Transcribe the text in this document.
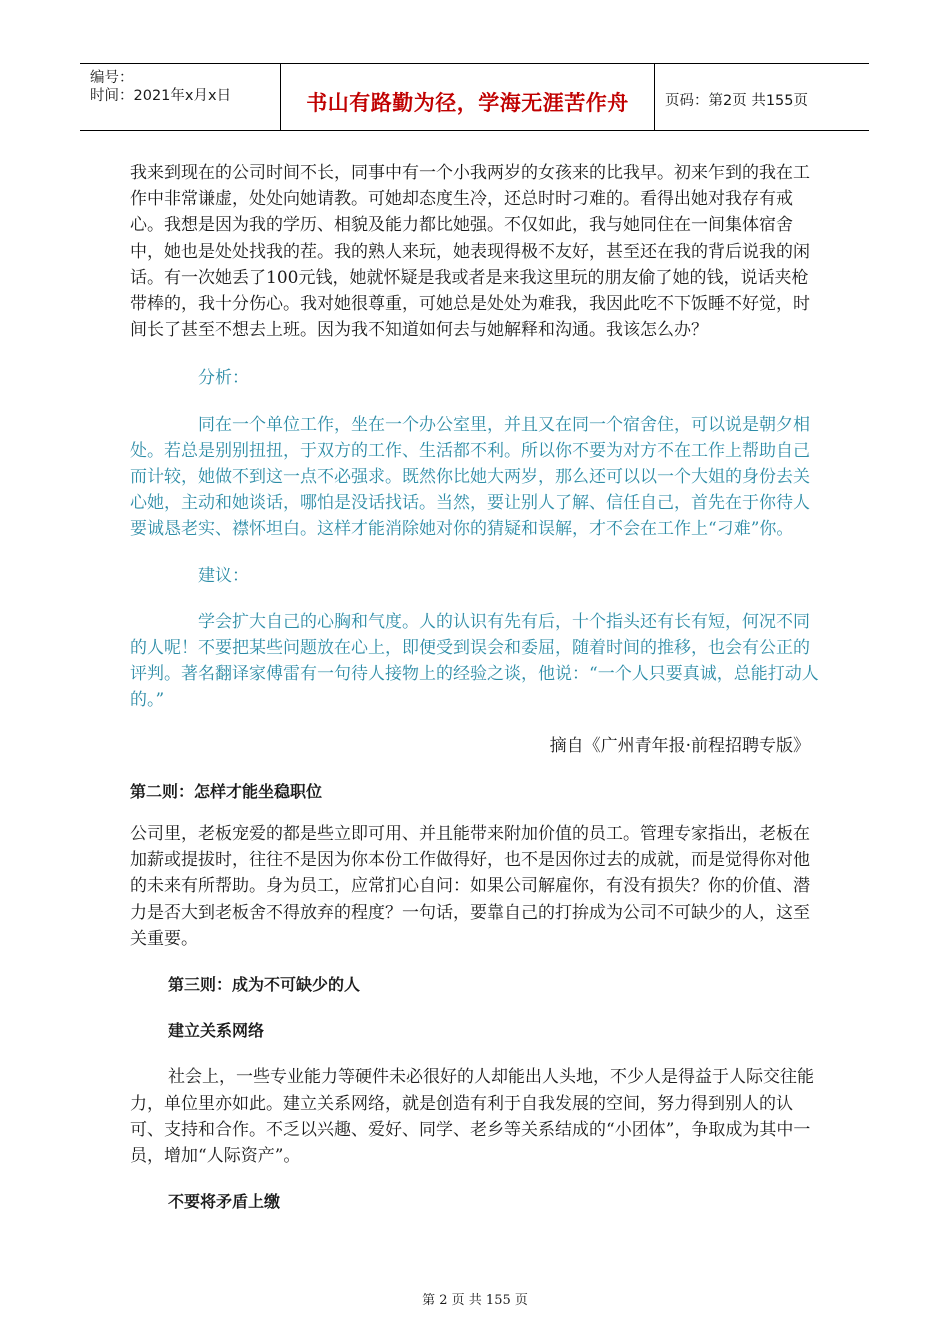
编号：
时间：2021年x月x日	书山有路勤为径，学海无涯苦作舟	页码：第2页 共155页

我来到现在的公司时间不长，同事中有一个小我两岁的女孩来的比我早。初来乍到的我在工作中非常谦虚，处处向她请教。可她却态度生冷，还总时时刁难的。看得出她对我存有戒心。我想是因为我的学历、相貌及能力都比她强。不仅如此，我与她同住在一间集体宿舍中，她也是处处找我的茬。我的熟人来玩，她表现得极不友好，甚至还在我的背后说我的闲话。有一次她丢了100元钱，她就怀疑是我或者是来我这里玩的朋友偷了她的钱，说话夹枪带棒的，我十分伤心。我对她很尊重，可她总是处处为难我，我因此吃不下饭睡不好觉，时间长了甚至不想去上班。因为我不知道如何去与她解释和沟通。我该怎么办？

分析：

同在一个单位工作，坐在一个办公室里，并且又在同一个宿舍住，可以说是朝夕相处。若总是别别扭扭，于双方的工作、生活都不利。所以你不要为对方不在工作上帮助自己而计较，她做不到这一点不必强求。既然你比她大两岁，那么还可以以一个大姐的身份去关心她，主动和她谈话，哪怕是没话找话。当然，要让别人了解、信任自己，首先在于你待人要诚恳老实、襟怀坦白。这样才能消除她对你的猜疑和误解，才不会在工作上“刁难”你。

建议：

学会扩大自己的心胸和气度。人的认识有先有后，十个指头还有长有短，何况不同的人呢！不要把某些问题放在心上，即便受到误会和委屈，随着时间的推移，也会有公正的评判。著名翻译家傅雷有一句待人接物上的经验之谈，他说：“一个人只要真诚，总能打动人的。”

摘自《广州青年报·前程招聘专版》

第二则：怎样才能坐稳职位

公司里，老板宠爱的都是些立即可用、并且能带来附加价值的员工。管理专家指出，老板在加薪或提拔时，往往不是因为你本份工作做得好，也不是因你过去的成就，而是觉得你对他的未来有所帮助。身为员工，应常扪心自问：如果公司解雇你，有没有损失？你的价值、潜力是否大到老板舍不得放弃的程度？一句话，要靠自己的打拚成为公司不可缺少的人，这至关重要。

第三则：成为不可缺少的人

建立关系网络

社会上，一些专业能力等硬件未必很好的人却能出人头地，不少人是得益于人际交往能力，单位里亦如此。建立关系网络，就是创造有利于自我发展的空间，努力得到别人的认可、支持和合作。不乏以兴趣、爱好、同学、老乡等关系结成的“小团体”，争取成为其中一员，增加“人际资产”。

不要将矛盾上缴

第 2 页 共 155 页
